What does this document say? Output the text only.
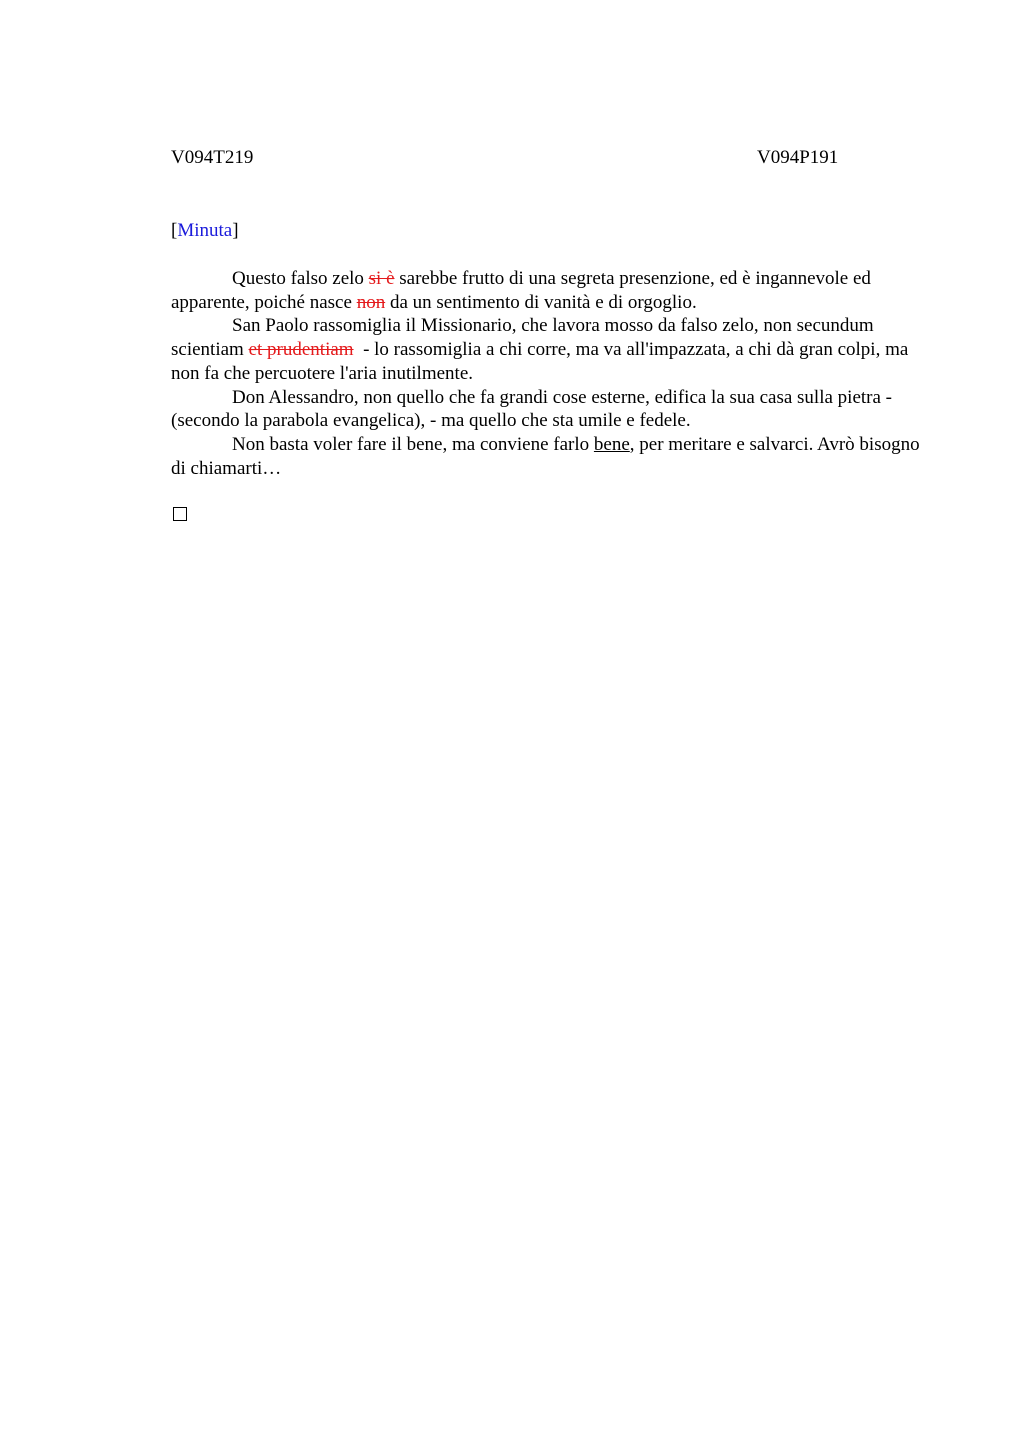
V094T219	V094P191
[Minuta]

Questo falso zelo si è sarebbe frutto di una segreta presenzione, ed è ingannevole ed apparente, poiché nasce non da un sentimento di vanità e di orgoglio.

San Paolo rassomiglia il Missionario, che lavora mosso da falso zelo, non secundum scientiam et prudentiam  - lo rassomiglia a chi corre, ma va all'impazzata, a chi dà gran colpi, ma non fa che percuotere l'aria inutilmente.

Don Alessandro, non quello che fa grandi cose esterne, edifica la sua casa sulla pietra - (secondo la parabola evangelica), - ma quello che sta umile e fedele.

Non basta voler fare il bene, ma conviene farlo bene, per meritare e salvarci. Avrò bisogno di chiamarti…
